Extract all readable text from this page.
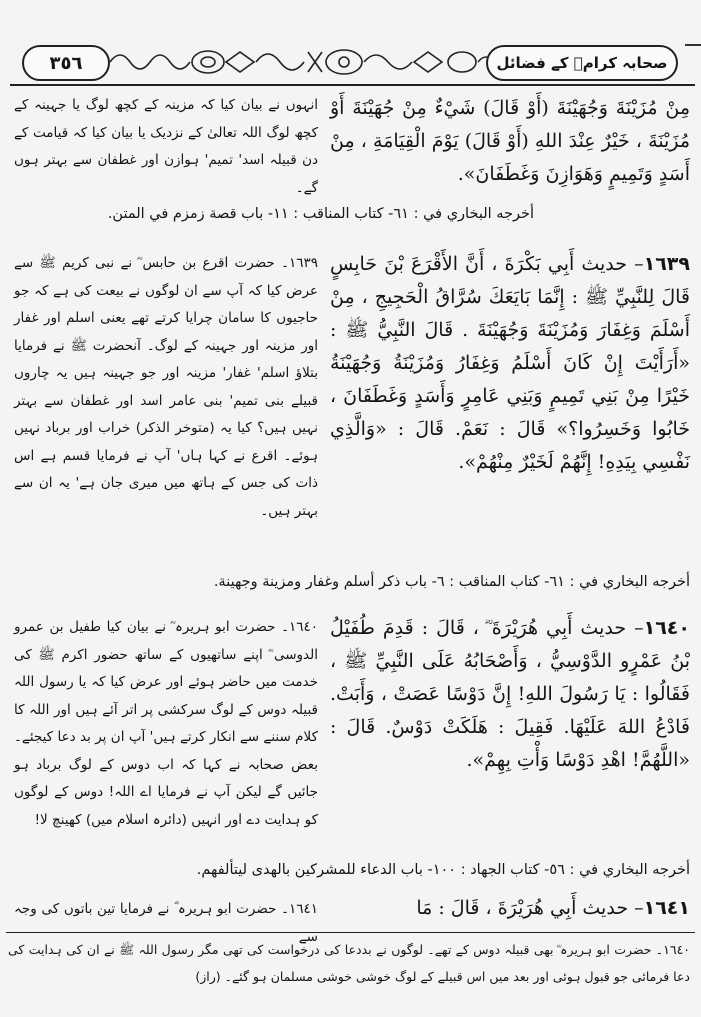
٣٥٦	صحابہ کرامؓ کے فضائل
مِنْ مُزَيْنَةَ وَجُهَيْنَةَ (أَوْ قَالَ) شَيْءٌ مِنْ جُهَيْنَةَ أَوْ مُزَيْنَةَ ، خَيْرٌ عِنْدَ اللهِ (أَوْ قَالَ) يَوْمَ الْقِيَامَةِ ، مِنْ أَسَدٍ وَتَمِيمٍ وَهَوَازِنَ وَغَطَفَانَ».
انہوں نے بیان کیا کہ مزینہ کے کچھ لوگ یا جہینہ کے کچھ لوگ اللہ تعالیٰ کے نزدیک یا بیان کیا کہ قیامت کے دن قبیلہ اسد' تمیم' ہوازن اور غطفان سے بہتر ہوں گے۔
أخرجه البخاري في : ٦١- كتاب المناقب : ١١- باب قصة زمزم في المتن.
١٦٣٩– حديث أَبِي بَكْرَةَ ، أَنَّ الأَقْرَعَ بْنَ حَابِسٍ قَالَ لِلنَّبِيِّ ﷺ : إِنَّمَا بَايَعَكَ سُرَّاقُ الْحَجِيجِ ، مِنْ أَسْلَمَ وَغِفَارَ وَمُزَيْنَةَ وَجُهَيْنَةَ . قَالَ النَّبِيُّ ﷺ : «أَرَأَيْتَ إِنْ كَانَ أَسْلَمُ وَغِفَارُ وَمُزَيْنَةُ وَجُهَيْنَةُ خَيْرًا مِنْ بَنِي تَمِيمٍ وَبَنِي عَامِرٍ وَأَسَدٍ وَغَطَفَانَ ، خَابُوا وَخَسِرُوا؟» قَالَ : نَعَمْ. قَالَ : «وَالَّذِي نَفْسِي بِيَدِهِ! إِنَّهُمْ لَخَيْرٌ مِنْهُمْ».
١٦٣٩۔ حضرت اقرع بن حابس ؓ نے نبی کریم ﷺ سے عرض کیا کہ آپ سے ان لوگوں نے بیعت کی ہے کہ جو حاجیوں کا سامان چرایا کرتے تھے یعنی اسلم اور غفار اور مزینہ اور جہینہ کے لوگ۔ آنحضرت ﷺ نے فرمایا بتلاؤ اسلم' غفار' مزینہ اور جو جہینہ ہیں یہ چاروں قبیلے بنی تمیم' بنی عامر اسد اور غطفان سے بہتر نہیں ہیں؟ کیا یہ (متوخر الذکر) خراب اور برباد نہیں ہوئے۔ اقرع نے کہا ہاں' آپ نے فرمایا قسم ہے اس ذات کی جس کے ہاتھ میں میری جان ہے' یہ ان سے بہتر ہیں۔
أخرجه البخاري في : ٦١- كتاب المناقب : ٦- باب ذكر أسلم وغفار ومزينة وجهينة.
١٦٤٠– حديث أَبِي هُرَيْرَةَ ؓ ، قَالَ : قَدِمَ طُفَيْلُ بْنُ عَمْرٍو الدَّوْسِيُّ ، وَأَصْحَابُهُ عَلَى النَّبِيِّ ﷺ ، فَقَالُوا : يَا رَسُولَ اللهِ! إِنَّ دَوْسًا عَصَتْ ، وَأَبَتْ. فَادْعُ اللهَ عَلَيْهَا. فَقِيلَ : هَلَكَتْ دَوْسٌ. قَالَ : «اللَّهُمَّ! اهْدِ دَوْسًا وَأْتِ بِهِمْ».
١٦٤٠۔ حضرت ابو ہریرہ ؓ نے بیان کیا طفیل بن عمرو الدوسی ؓ اپنے ساتھیوں کے ساتھ حضور اکرم ﷺ کی خدمت میں حاضر ہوئے اور عرض کیا کہ یا رسول اللہ قبیلہ دوس کے لوگ سرکشی پر اتر آئے ہیں اور اللہ کا کلام سننے سے انکار کرتے ہیں' آپ ان پر بد دعا کیجئے۔ بعض صحابہ نے کہا کہ اب دوس کے لوگ برباد ہو جائیں گے لیکن آپ نے فرمایا اے اللہ! دوس کے لوگوں کو ہدایت دے اور انہیں (دائرہ اسلام میں) کھینچ لا!
أخرجه البخاري في : ٥٦- كتاب الجهاد : ١٠٠- باب الدعاء للمشركين بالهدى ليتألفهم.
١٦٤١– حديث أَبِي هُرَيْرَةَ ، قَالَ : مَا
١٦٤١۔ حضرت ابو ہریرہ ؓ نے فرمایا تین باتوں کی وجہ سے
١٦٤٠۔ حضرت ابو ہریرہ ؓ بھی قبیلہ دوس کے تھے۔ لوگوں نے بددعا کی درخواست کی تھی مگر رسول اللہ ﷺ نے ان کی ہدایت کی دعا فرمائی جو قبول ہوئی اور بعد میں اس قبیلے کے لوگ خوشی خوشی مسلمان ہو گئے۔ (راز)
